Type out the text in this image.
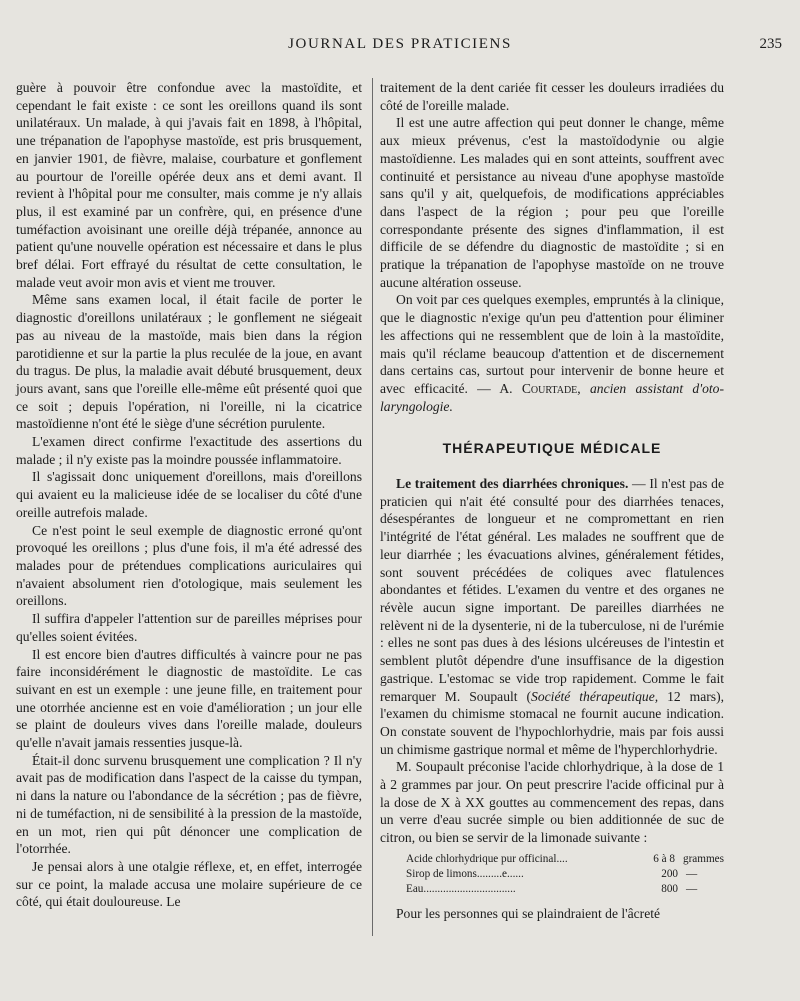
JOURNAL DES PRATICIENS	235

guère à pouvoir être confondue avec la mastoïdite, et cependant le fait existe : ce sont les oreillons quand ils sont unilatéraux. Un malade, à qui j'avais fait en 1898, à l'hôpital, une trépanation de l'apophyse mastoïde, est pris brusquement, en janvier 1901, de fièvre, malaise, courbature et gonflement au pourtour de l'oreille opérée deux ans et demi avant. Il revient à l'hôpital pour me consulter, mais comme je n'y allais plus, il est examiné par un confrère, qui, en présence d'une tuméfaction avoisinant une oreille déjà trépanée, annonce au patient qu'une nouvelle opération est nécessaire et dans le plus bref délai. Fort effrayé du résultat de cette consultation, le malade veut avoir mon avis et vient me trouver.

Même sans examen local, il était facile de porter le diagnostic d'oreillons unilatéraux ; le gonflement ne siégeait pas au niveau de la mastoïde, mais bien dans la région parotidienne et sur la partie la plus reculée de la joue, en avant du tragus. De plus, la maladie avait débuté brusquement, deux jours avant, sans que l'oreille elle-même eût présenté quoi que ce soit ; depuis l'opération, ni l'oreille, ni la cicatrice mastoïdienne n'ont été le siège d'une sécrétion purulente.

L'examen direct confirme l'exactitude des assertions du malade ; il n'y existe pas la moindre poussée inflammatoire.

Il s'agissait donc uniquement d'oreillons, mais d'oreillons qui avaient eu la malicieuse idée de se localiser du côté d'une oreille autrefois malade.

Ce n'est point le seul exemple de diagnostic erroné qu'ont provoqué les oreillons ; plus d'une fois, il m'a été adressé des malades pour de prétendues complications auriculaires qui n'avaient absolument rien d'otologique, mais seulement les oreillons.

Il suffira d'appeler l'attention sur de pareilles méprises pour qu'elles soient évitées.

Il est encore bien d'autres difficultés à vaincre pour ne pas faire inconsidérément le diagnostic de mastoïdite. Le cas suivant en est un exemple : une jeune fille, en traitement pour une otorrhée ancienne est en voie d'amélioration ; un jour elle se plaint de douleurs vives dans l'oreille malade, douleurs qu'elle n'avait jamais ressenties jusque-là.

Était-il donc survenu brusquement une complication ? Il n'y avait pas de modification dans l'aspect de la caisse du tympan, ni dans la nature ou l'abondance de la sécrétion ; pas de fièvre, ni de tuméfaction, ni de sensibilité à la pression de la mastoïde, en un mot, rien qui pût dénoncer une complication de l'otorrhée.

Je pensai alors à une otalgie réflexe, et, en effet, interrogée sur ce point, la malade accusa une molaire supérieure de ce côté, qui était douloureuse. Le

traitement de la dent cariée fit cesser les douleurs irradiées du côté de l'oreille malade.

Il est une autre affection qui peut donner le change, même aux mieux prévenus, c'est la mastoïdodynie ou algie mastoïdienne. Les malades qui en sont atteints, souffrent avec continuité et persistance au niveau d'une apophyse mastoïde sans qu'il y ait, quelquefois, de modifications appréciables dans l'aspect de la région ; pour peu que l'oreille correspondante présente des signes d'inflammation, il est difficile de se défendre du diagnostic de mastoïdite ; si en pratique la trépanation de l'apophyse mastoïde on ne trouve aucune altération osseuse.

On voit par ces quelques exemples, empruntés à la clinique, que le diagnostic n'exige qu'un peu d'attention pour éliminer les affections qui ne ressemblent que de loin à la mastoïdite, mais qu'il réclame beaucoup d'attention et de discernement dans certains cas, surtout pour intervenir de bonne heure et avec efficacité. — A. Courtade, ancien assistant d'oto-laryngologie.

THÉRAPEUTIQUE MÉDICALE

Le traitement des diarrhées chroniques. — Il n'est pas de praticien qui n'ait été consulté pour des diarrhées tenaces, désespérantes de longueur et ne compromettant en rien l'intégrité de l'état général. Les malades ne souffrent que de leur diarrhée ; les évacuations alvines, généralement fétides, sont souvent précédées de coliques avec flatulences abondantes et fétides. L'examen du ventre et des organes ne révèle aucun signe important. De pareilles diarrhées ne relèvent ni de la dysenterie, ni de la tuberculose, ni de l'urémie : elles ne sont pas dues à des lésions ulcéreuses de l'intestin et semblent plutôt dépendre d'une insuffisance de la digestion gastrique. L'estomac se vide trop rapidement. Comme le fait remarquer M. Soupault (Société thérapeutique, 12 mars), l'examen du chimisme stomacal ne fournit aucune indication. On constate souvent de l'hypochlorhydrie, mais par fois aussi un chimisme gastrique normal et même de l'hyperchlorhydrie.

M. Soupault préconise l'acide chlorhydrique, à la dose de 1 à 2 grammes par jour. On peut prescrire l'acide officinal pur à la dose de X à XX gouttes au commencement des repas, dans un verre d'eau sucrée simple ou bien additionnée de suc de citron, ou bien se servir de la limonade suivante :

Acide chlorhydrique pur officinal....	6 à 8 grammes
Sirop de limons.........e......	200 —
Eau.................................	800 —

Pour les personnes qui se plaindraient de l'âcreté
